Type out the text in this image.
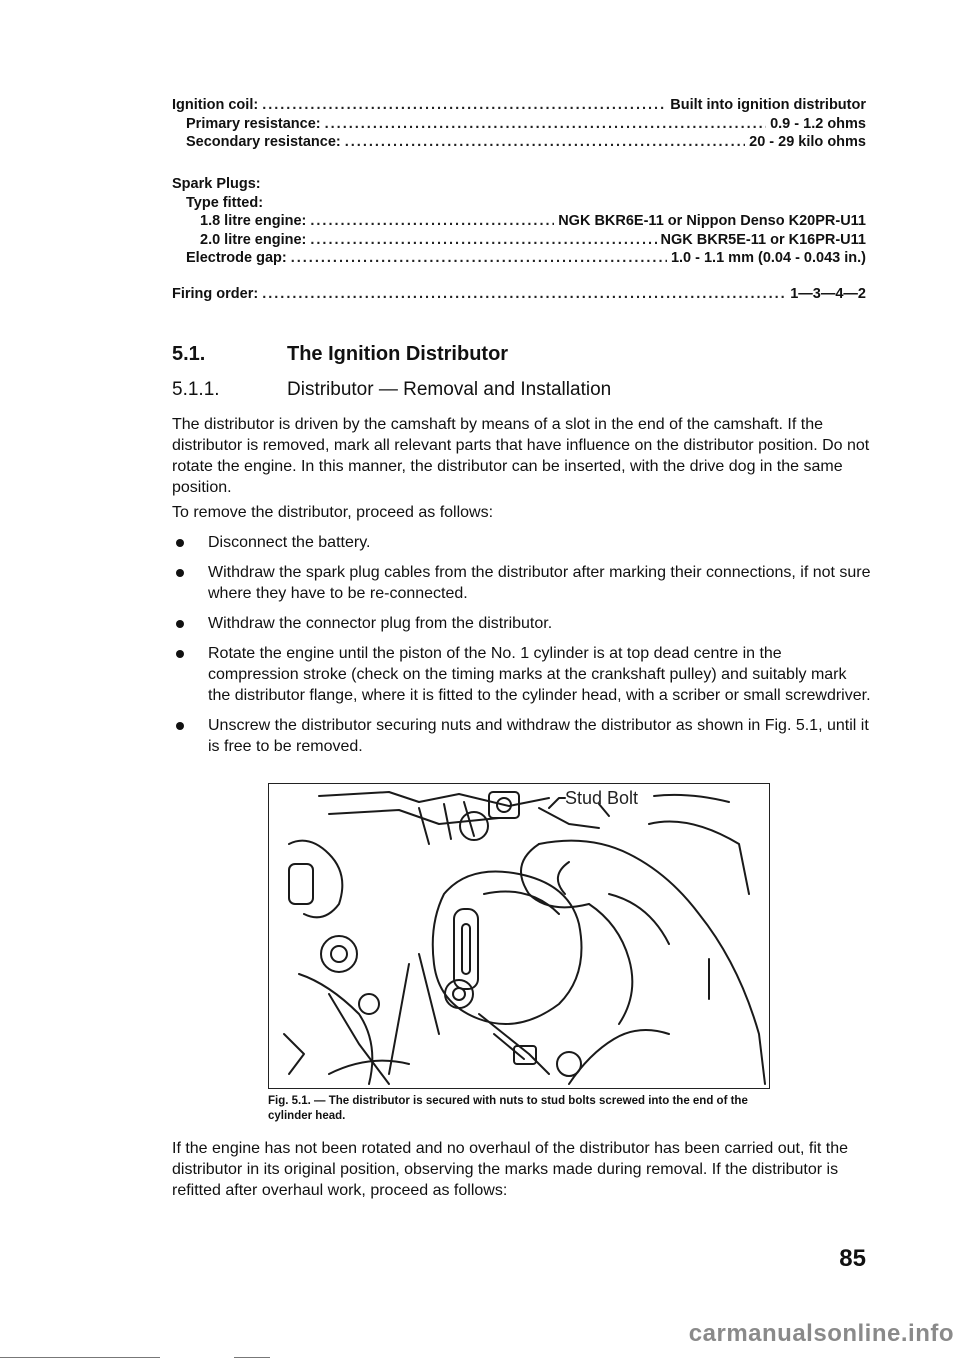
Ignition coil: .....	Built into ignition distributor
Primary resistance: .....	0.9 - 1.2 ohms
Secondary resistance: .....	20 - 29 kilo ohms
Spark Plugs:
Type fitted:
1.8 litre engine: .....	NGK BKR6E-11 or Nippon Denso K20PR-U11
2.0 litre engine: .....	NGK BKR5E-11 or K16PR-U11
Electrode gap: .....	1.0 - 1.1 mm (0.04 - 0.043 in.)
Firing order: .....	1—3—4—2
5.1.	The Ignition Distributor
5.1.1.	Distributor — Removal and Installation

The distributor is driven by the camshaft by means of a slot in the end of the camshaft. If the distributor is removed, mark all relevant parts that have influence on the distributor position. Do not rotate the engine. In this manner, the distributor can be inserted, with the drive dog in the same position.

To remove the distributor, proceed as follows:

Disconnect the battery.
Withdraw the spark plug cables from the distributor after marking their connections, if not sure where they have to be re-connected.
Withdraw the connector plug from the distributor.
Rotate the engine until the piston of the No. 1 cylinder is at top dead centre in the compression stroke (check on the timing marks at the crankshaft pulley) and suitably mark the distributor flange, where it is fitted to the cylinder head, with a scriber or small screwdriver.
Unscrew the distributor securing nuts and withdraw the distributor as shown in Fig. 5.1, until it is free to be removed.
Stud Bolt
Fig. 5.1. — The distributor is secured with nuts to stud bolts screwed into the end of the cylinder head.

If the engine has not been rotated and no overhaul of the distributor has been carried out, fit the distributor in its original position, observing the marks made during removal. If the distributor is refitted after overhaul work, proceed as follows:

85
carmanualsonline.info
